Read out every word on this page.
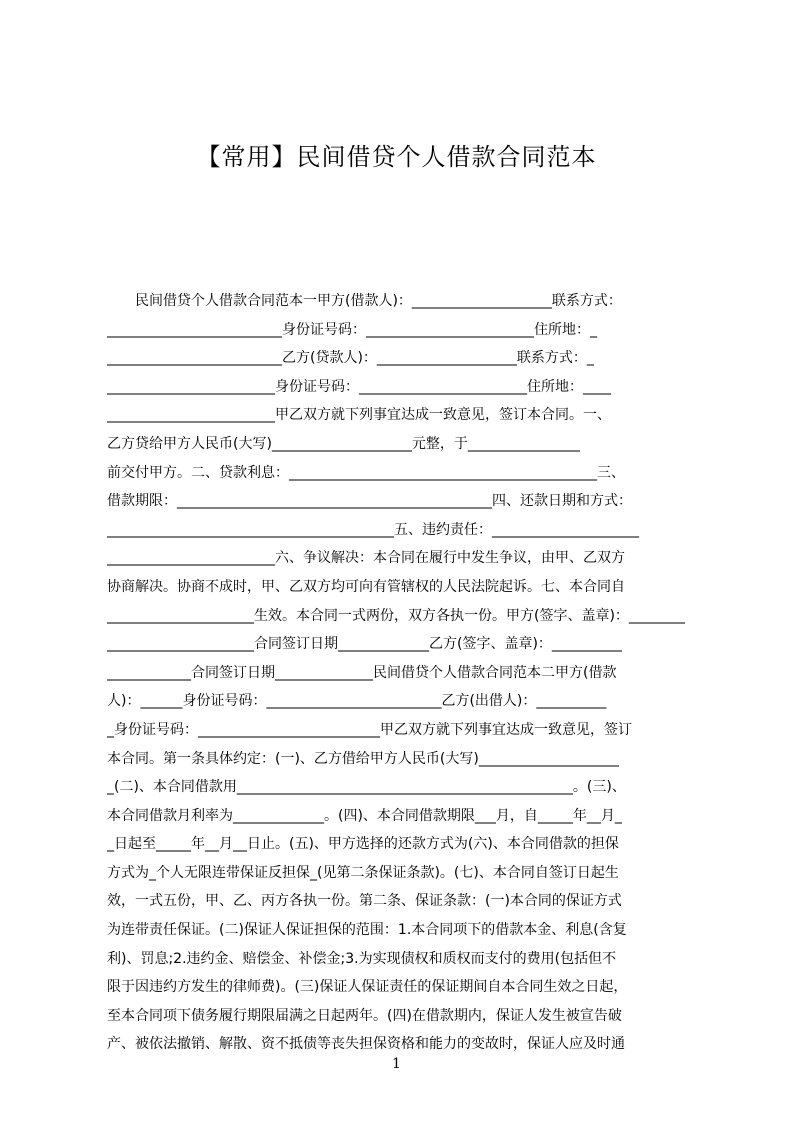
【常用】民间借贷个人借款合同范本
　　民间借贷个人借款合同范本一甲方(借款人)：____________________联系方式：
_________________________身份证号码：________________________住所地：_
_________________________乙方(贷款人)：____________________联系方式：_
________________________身份证号码：________________________住所地：____
________________________甲乙双方就下列事宜达成一致意见，签订本合同。一、
乙方贷给甲方人民币(大写)____________________元整，于________________
前交付甲方。二、贷款利息：____________________________________________三、
借款期限：_____________________________________________四、还款日期和方式：
_________________________________________五、违约责任：_____________________
________________________六、争议解决：本合同在履行中发生争议，由甲、乙双方
协商解决。协商不成时，甲、乙双方均可向有管辖权的人民法院起诉。七、本合同自
_____________________生效。本合同一式两份，双方各执一份。甲方(签字、盖章)：________
_____________________合同签订日期_____________乙方(签字、盖章)：__________
____________合同签订日期______________民间借贷个人借款合同范本二甲方(借款
人)：______身份证号码：_________________________乙方(出借人)：__________
_身份证号码：__________________________甲乙双方就下列事宜达成一致意见，签订
本合同。第一条具体约定：(一)、乙方借给甲方人民币(大写)____________________
_(二)、本合同借款用________________________________________________。(三)、
本合同借款月利率为_____________。(四)、本合同借款期限___月，自_____年__月_
_日起至_____年__月__日止。(五)、甲方选择的还款方式为(六)、本合同借款的担保
方式为_个人无限连带保证反担保_(见第二条保证条款)。(七)、本合同自签订日起生
效，一式五份，甲、乙、丙方各执一份。第二条、保证条款：(一)本合同的保证方式
为连带责任保证。(二)保证人保证担保的范围：1.本合同项下的借款本金、利息(含复
利)、罚息;2.违约金、赔偿金、补偿金;3.为实现债权和质权而支付的费用(包括但不
限于因违约方发生的律师费)。(三)保证人保证责任的保证期间自本合同生效之日起，
至本合同项下债务履行期限届满之日起两年。(四)在借款期内，保证人发生被宣告破
产、被依法撤销、解散、资不抵债等丧失担保资格和能力的变故时，保证人应及时通
1
